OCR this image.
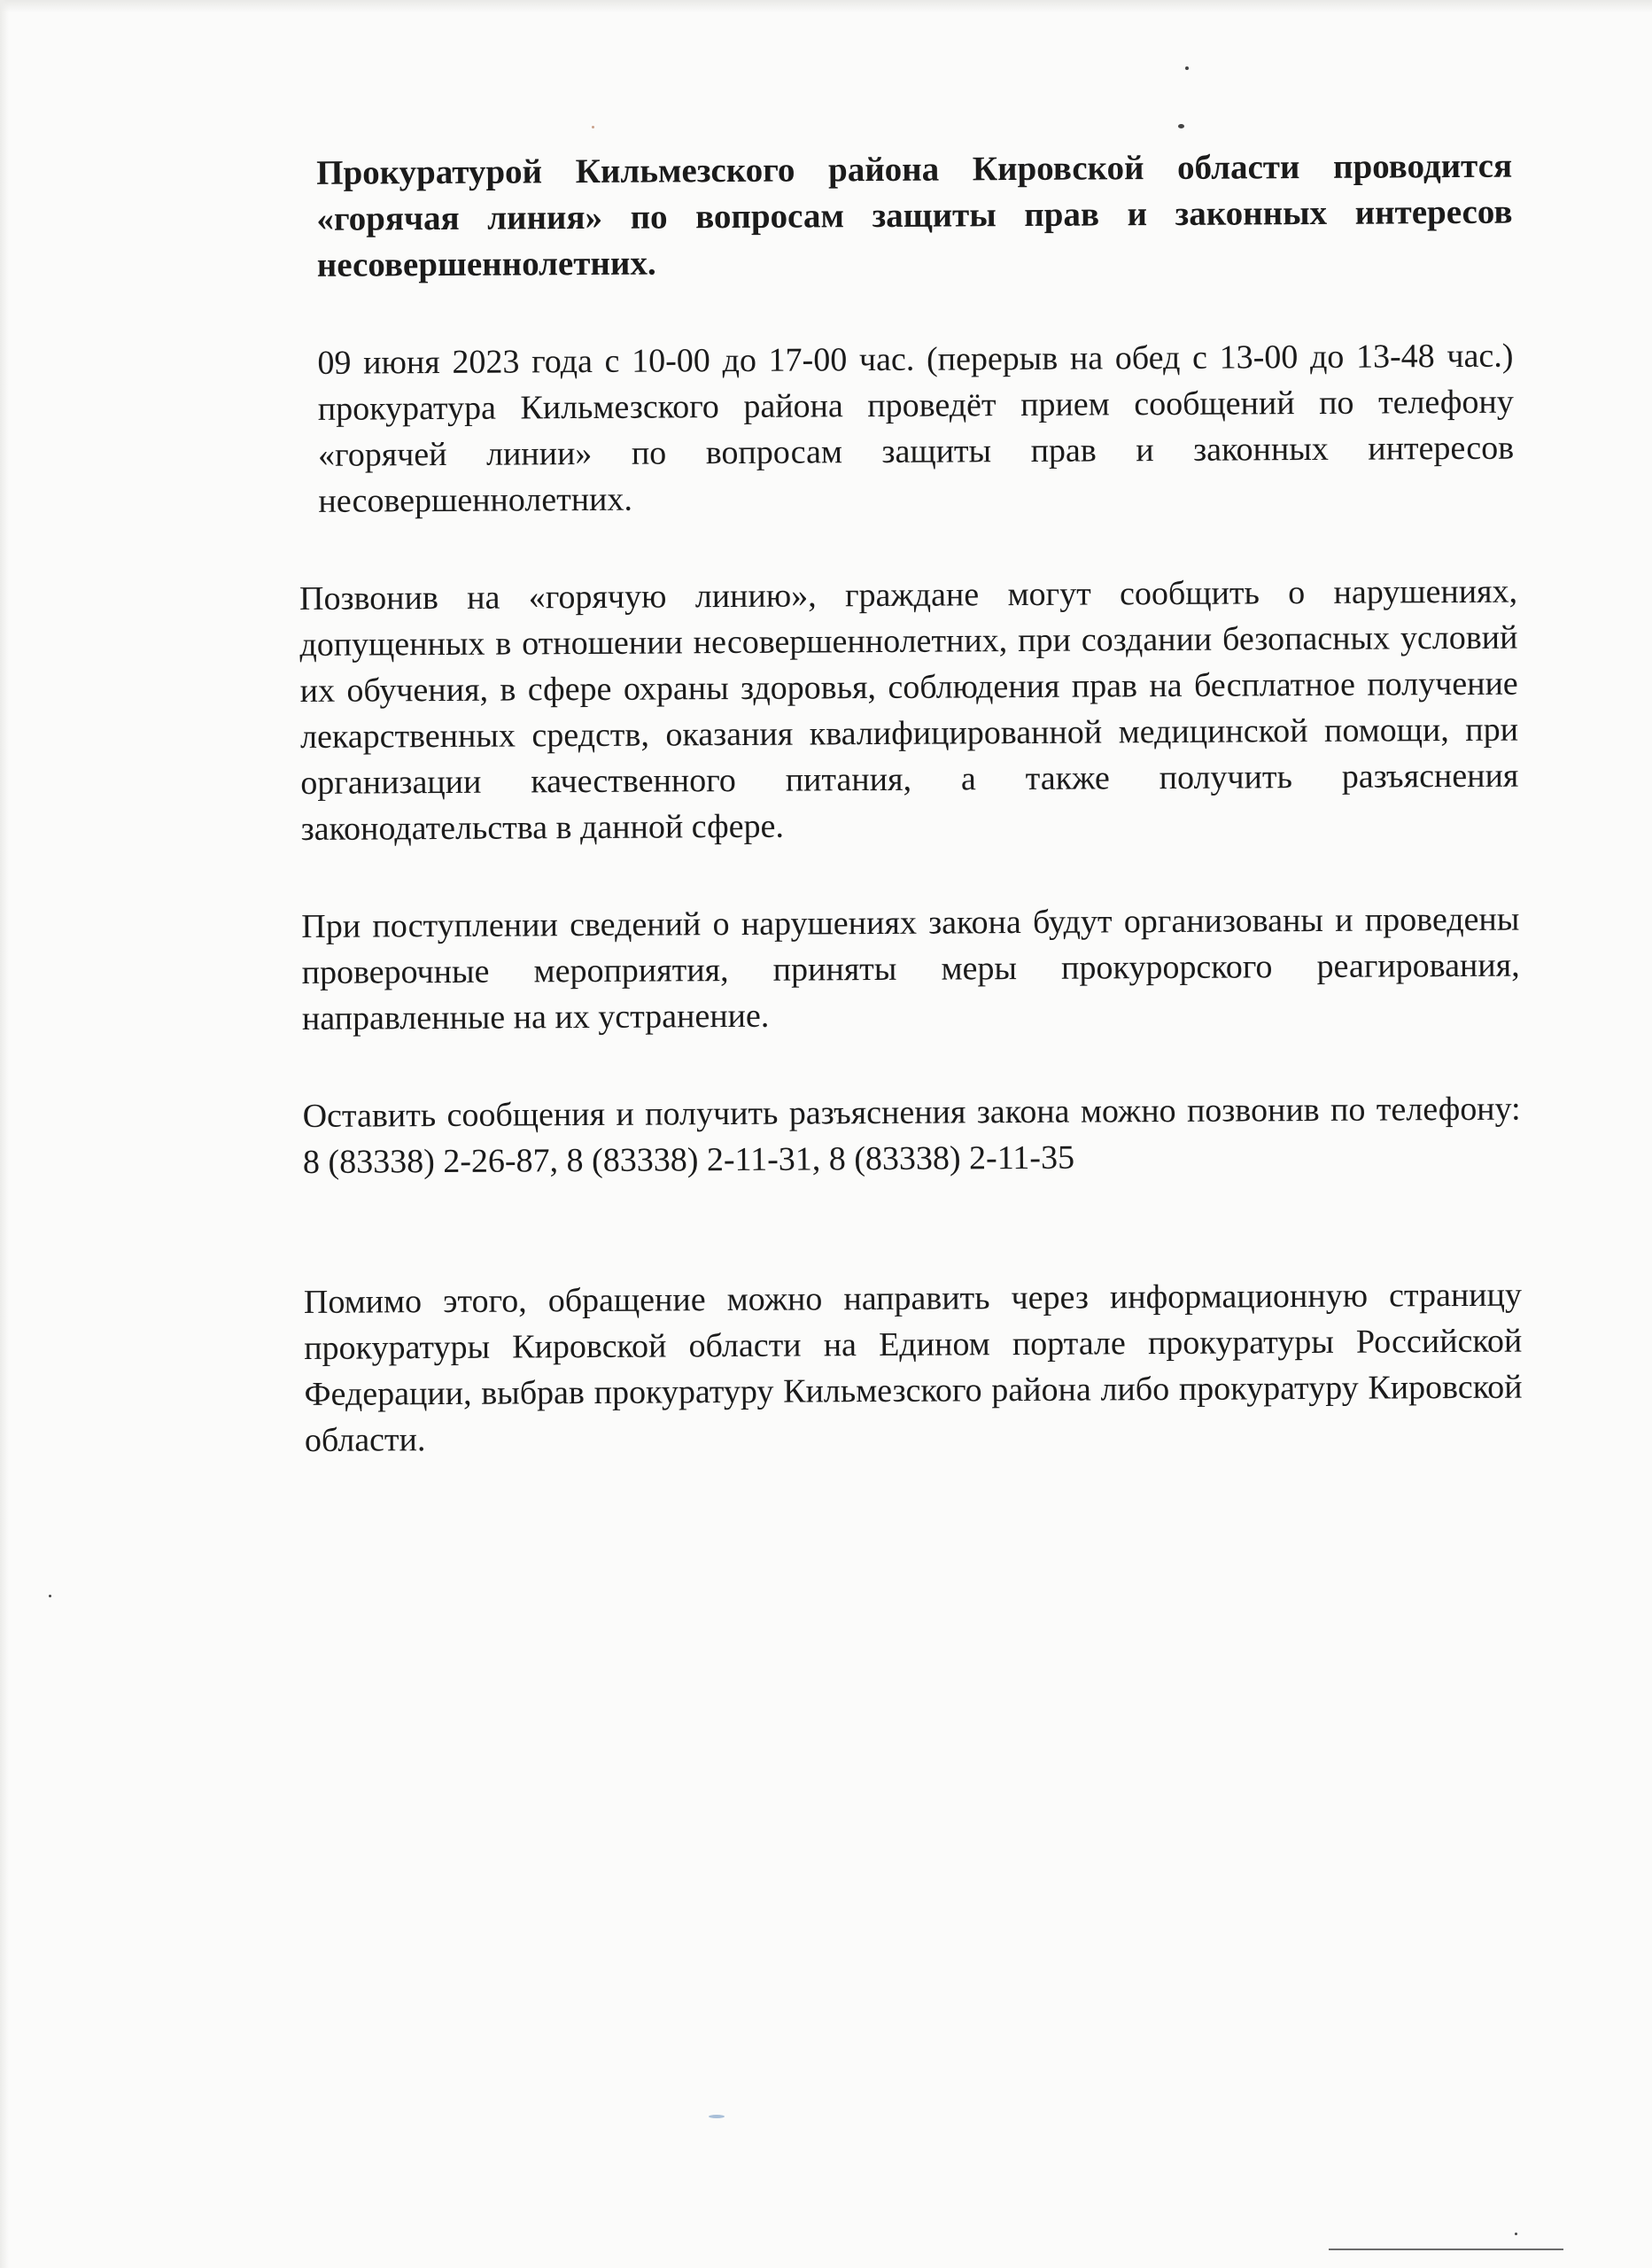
Прокуратурой Кильмезского района Кировской области проводится «горячая линия» по вопросам защиты прав и законных интересов несовершеннолетних.

09 июня 2023 года с 10-00 до 17-00 час. (перерыв на обед с 13-00 до 13-48 час.) прокуратура Кильмезского района проведёт прием сообщений по телефону «горячей линии» по вопросам защиты прав и законных интересов несовершеннолетних.

Позвонив на «горячую линию», граждане могут сообщить о нарушениях, допущенных в отношении несовершеннолетних, при создании безопасных условий их обучения, в сфере охраны здоровья, соблюдения прав на бесплатное получение лекарственных средств, оказания квалифицированной медицинской помощи, при организации качественного питания, а также получить разъяснения законодательства в данной сфере.

При поступлении сведений о нарушениях закона будут организованы и проведены проверочные мероприятия, приняты меры прокурорского реагирования, направленные на их устранение.

Оставить сообщения и получить разъяснения закона можно позвонив по телефону: 8 (83338) 2-26-87, 8 (83338) 2-11-31, 8 (83338) 2-11-35

Помимо этого, обращение можно направить через информационную страницу прокуратуры Кировской области на Едином портале прокуратуры Российской Федерации, выбрав прокуратуру Кильмезского района либо прокуратуру Кировской области.
